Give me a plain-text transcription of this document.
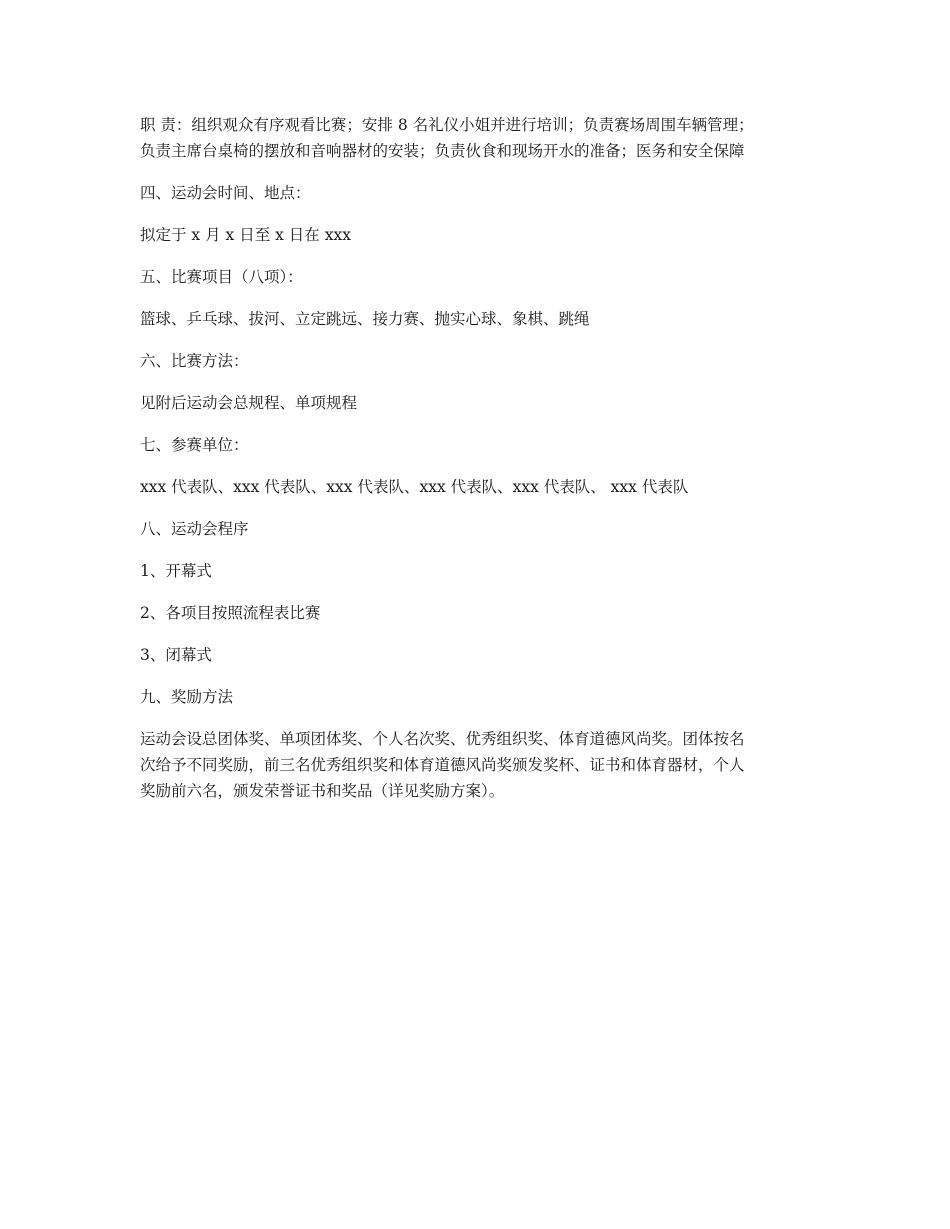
职 责：组织观众有序观看比赛；安排 8 名礼仪小姐并进行培训；负责赛场周围车辆管理；
负责主席台桌椅的摆放和音响器材的安装；负责伙食和现场开水的准备；医务和安全保障

四、运动会时间、地点：

拟定于 x 月 x 日至 x 日在 xxx

五、比赛项目（八项）：

篮球、乒乓球、拔河、立定跳远、接力赛、抛实心球、象棋、跳绳

六、比赛方法：

见附后运动会总规程、单项规程

七、参赛单位：

xxx 代表队、xxx 代表队、xxx 代表队、xxx 代表队、xxx 代表队、 xxx 代表队

八、运动会程序

1、开幕式

2、各项目按照流程表比赛

3、闭幕式

九、奖励方法

运动会设总团体奖、单项团体奖、个人名次奖、优秀组织奖、体育道德风尚奖。团体按名
次给予不同奖励，前三名优秀组织奖和体育道德风尚奖颁发奖杯、证书和体育器材，个人
奖励前六名，颁发荣誉证书和奖品（详见奖励方案）。
